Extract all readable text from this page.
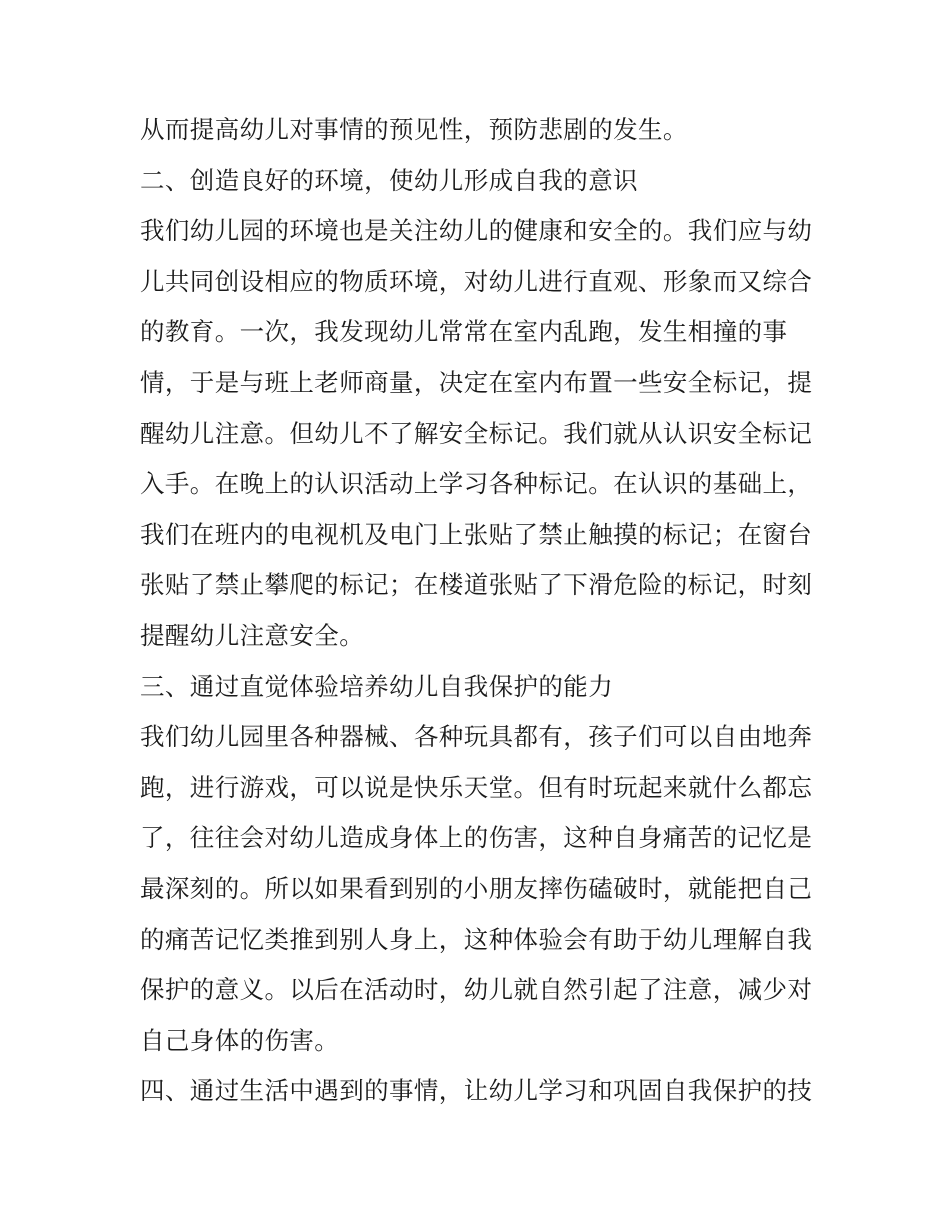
从而提高幼儿对事情的预见性，预防悲剧的发生。
二、创造良好的环境，使幼儿形成自我的意识
我们幼儿园的环境也是关注幼儿的健康和安全的。我们应与幼
儿共同创设相应的物质环境，对幼儿进行直观、形象而又综合
的教育。一次，我发现幼儿常常在室内乱跑，发生相撞的事
情，于是与班上老师商量，决定在室内布置一些安全标记，提
醒幼儿注意。但幼儿不了解安全标记。我们就从认识安全标记
入手。在晚上的认识活动上学习各种标记。在认识的基础上，
我们在班内的电视机及电门上张贴了禁止触摸的标记；在窗台
张贴了禁止攀爬的标记；在楼道张贴了下滑危险的标记，时刻
提醒幼儿注意安全。
三、通过直觉体验培养幼儿自我保护的能力
我们幼儿园里各种器械、各种玩具都有，孩子们可以自由地奔
跑，进行游戏，可以说是快乐天堂。但有时玩起来就什么都忘
了，往往会对幼儿造成身体上的伤害，这种自身痛苦的记忆是
最深刻的。所以如果看到别的小朋友摔伤磕破时，就能把自己
的痛苦记忆类推到别人身上，这种体验会有助于幼儿理解自我
保护的意义。以后在活动时，幼儿就自然引起了注意，减少对
自己身体的伤害。
四、通过生活中遇到的事情，让幼儿学习和巩固自我保护的技
